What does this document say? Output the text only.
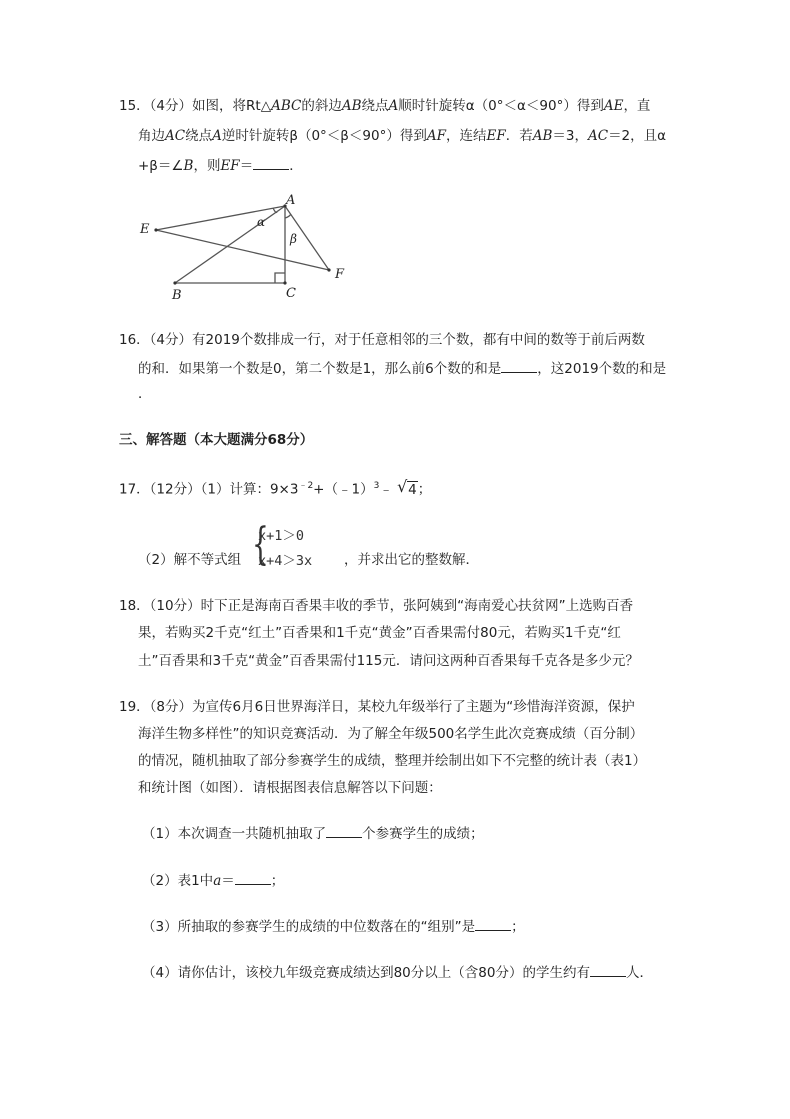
15．（4分）如图，将Rt△ABC的斜边AB绕点A顺时针旋转α（0°＜α＜90°）得到AE，直
角边AC绕点A逆时针旋转β（0°＜β＜90°）得到AF，连结EF．若AB＝3，AC＝2，且α
+β＝∠B，则EF＝	．
E
A
B	C
F
α
β
16．（4分）有2019个数排成一行，对于任意相邻的三个数，都有中间的数等于前后两数
的和．如果第一个数是0，第二个数是1，那么前6个数的和是	，这2019个数的和是
．
三、解答题（本大题满分68分）
17．（12分）（1）计算：$9\times 3^{﹣2}+(﹣1)^3﹣$ √ 4；
（2）解不等式组 {
x+1＞0
x+4＞3x ，并求出它的整数解．
18．（10分）时下正是海南百香果丰收的季节，张阿姨到“海南爱心扶贫网”上选购百香
果，若购买2千克“红土”百香果和1千克“黄金”百香果需付80元，若购买1千克“红
土”百香果和3千克“黄金”百香果需付115元．请问这两种百香果每千克各是多少元？
19．（8分）为宣传6月6日世界海洋日，某校九年级举行了主题为“珍惜海洋资源，保护
海洋生物多样性”的知识竞赛活动．为了解全年级500名学生此次竞赛成绩（百分制）
的情况，随机抽取了部分参赛学生的成绩，整理并绘制出如下不完整的统计表（表1）
和统计图（如图）．请根据图表信息解答以下问题：
（1）本次调查一共随机抽取了	个参赛学生的成绩；
（2）表1中a＝	；
（3）所抽取的参赛学生的成绩的中位数落在的“组别”是	；
（4）请你估计，该校九年级竞赛成绩达到80分以上（含80分）的学生约有	人．
